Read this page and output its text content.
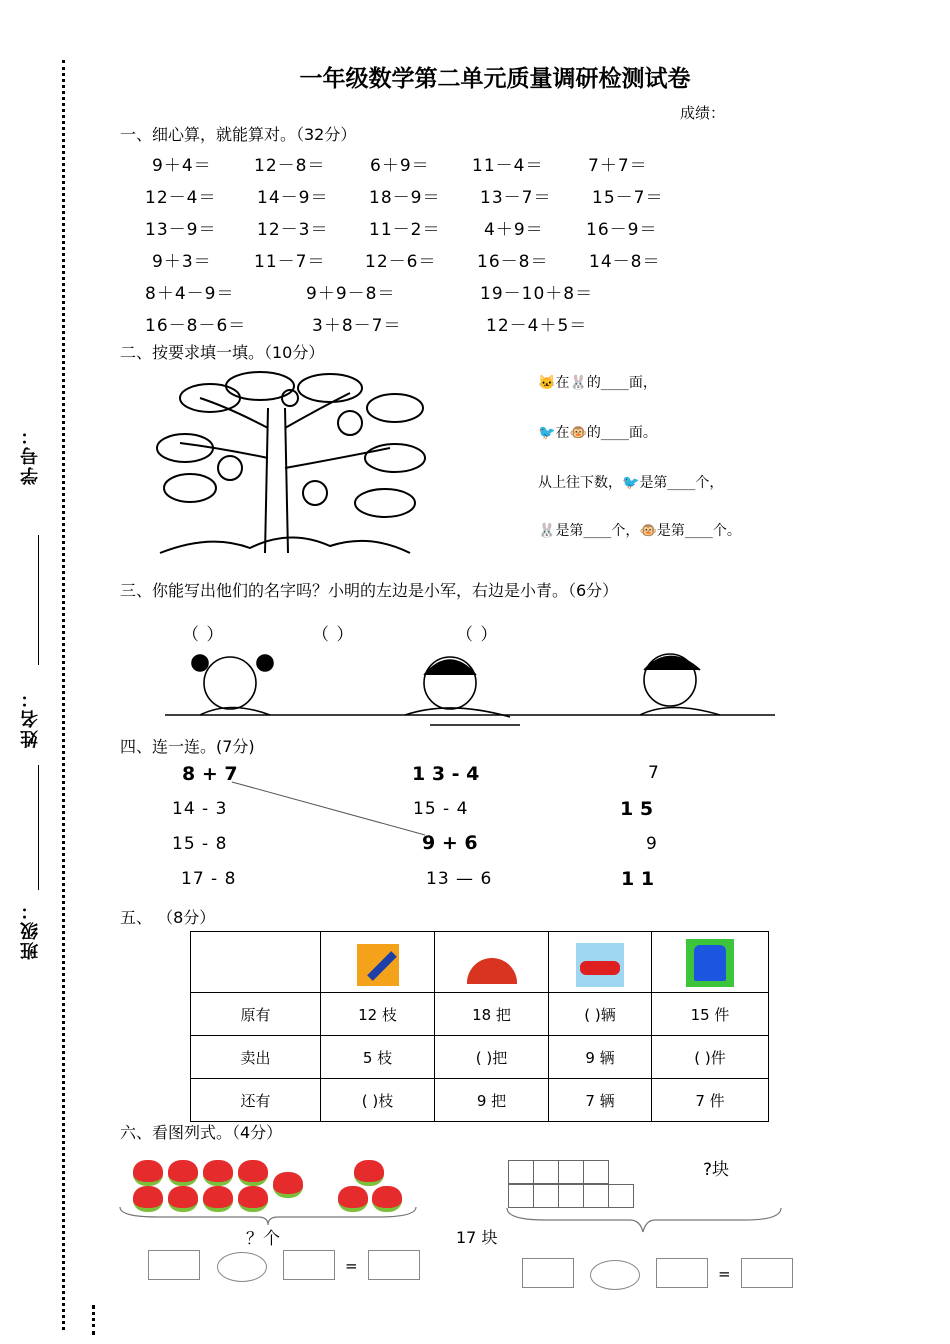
学号：
姓名：
班级：
一年级数学第二单元质量调研检测试卷
成绩：
一、细心算，就能算对。（32分）
9＋4＝ 12－8＝	6＋9＝ 11－4＝	7＋7＝
12－4＝ 14－9＝ 18－9＝ 13－7＝ 15－7＝
13－9＝ 12－3＝ 11－2＝	4＋9＝ 16－9＝
9＋3＝ 11－7＝ 12－6＝ 16－8＝ 14－8＝
8＋4－9＝	9＋9－8＝	19－10＋8＝
16－8－6＝	3＋8－7＝	12－4＋5＝
二、按要求填一填。（10分）
🐱在🐰的____面，
🐦在🐵的____面。
从上往下数，🐦是第____个，
🐰是第____个，🐵是第____个。
三、你能写出他们的名字吗？小明的左边是小军，右边是小青。（6分）
（ ）	（ ）	（ ）
四、连一连。(7分)
8 + 7
14 - 3
15 - 8
17 - 8
1 3 - 4
15 - 4
9 + 6
13 — 6
7
1 5
9
1 1
五、 （8分）

原有	12 枝	18 把	( )辆	15 件
卖出	5 枝	( )把	9 辆	( )件
还有	( )枝	9 把	7 辆	7 件
六、看图列式。（4分）
？个
=
?块
17 块
=
